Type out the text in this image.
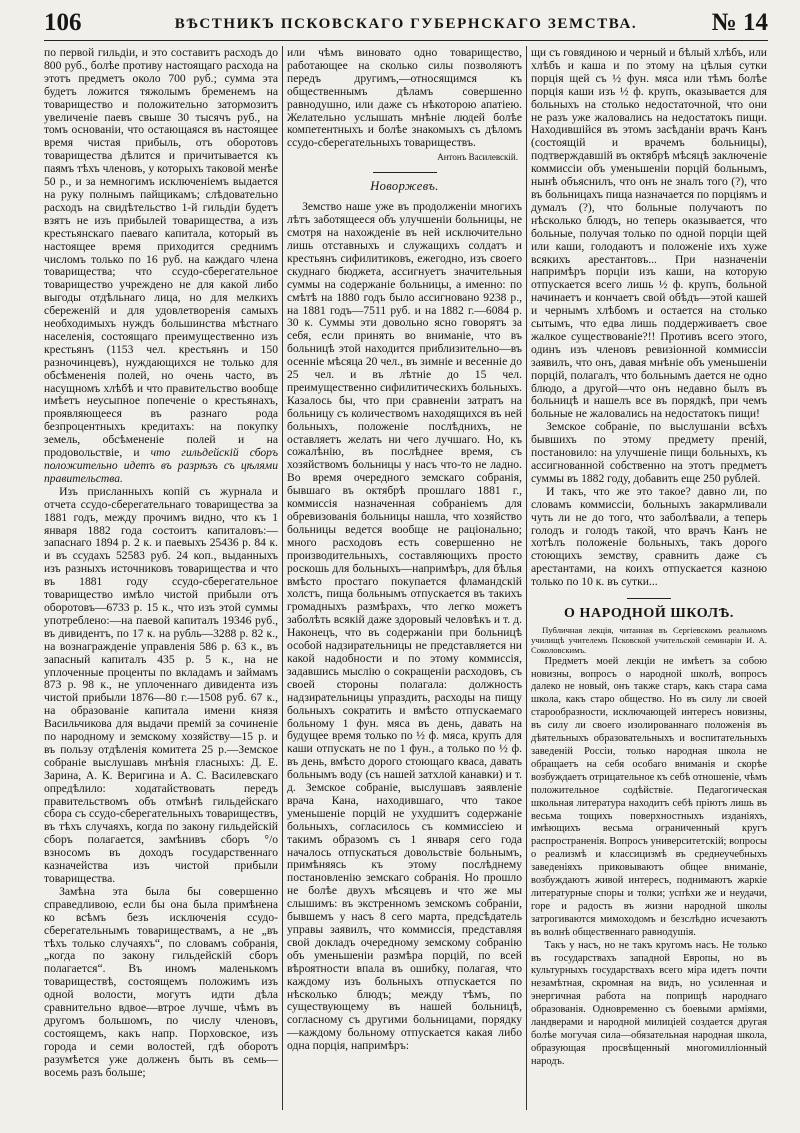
106	ВѢСТНИКЪ ПСКОВСКАГО ГУБЕРНСКАГО ЗЕМСТВА.	№ 14

по первой гильдіи, и это составитъ расходъ до 800 руб., болѣе противу настоящаго расхода на этотъ предметъ около 700 руб.; сумма эта будетъ ложится тяжолымъ бременемъ на товарищество и положительно затормозитъ увеличеніе паевъ свыше 30 тысячъ руб., на томъ основаніи, что остающаяся въ настоящее время чистая прибыль, отъ оборотовъ товарищества дѣлится и причитывается къ паямъ тѣхъ членовъ, у которыхъ таковой менѣе 50 р., и за немногимъ исключеніемъ выдается на руку полнымъ пайщикамъ; слѣдовательно расходъ на свидѣтельство 1-й гильдіи будетъ взятъ не изъ прибылей товарищества, а изъ крестьянскаго паеваго капитала, который въ настоящее время приходится среднимъ числомъ только по 16 руб. на каждаго члена товарищества; что ссудо-сберегательное товарищество учреждено не для какой либо выгоды отдѣльнаго лица, но для мелкихъ сбереженій и для удовлетворенія самыхъ необходимыхъ нуждъ большинства мѣстнаго населенія, состоящаго преимущественно изъ крестьянъ (1153 чел. крестьянъ и 150 разночинцевъ), нуждающихся не только для обсѣмененія полей, но очень часто, въ насущномъ хлѣбѣ и что правительство вообще имѣетъ неусыпное попеченіе о крестьянахъ, проявляющееся въ разнаго рода безпроцентныхъ кредитахъ: на покупку земель, обсѣмененіе полей и на продовольствіе, и что гильдейскій сборъ положительно идетъ въ разрѣзъ съ цѣлями правительства.

Изъ присланныхъ копій съ журнала и отчета ссудо-сберегательнаго товарищества за 1881 годъ, между прочимъ видно, что къ 1 января 1882 года состоитъ капиталовъ:—запаснаго 1894 р. 2 к. и паевыхъ 25436 р. 84 к. и въ ссудахъ 52583 руб. 24 коп., выданныхъ изъ разныхъ источниковъ товарищества и что въ 1881 году ссудо-сберегательное товарищество имѣло чистой прибыли отъ оборотовъ—6733 р. 15 к., что изъ этой суммы употреблено:—на паевой капиталъ 19346 руб., въ дивидентъ, по 17 к. на рубль—3288 р. 82 к., на вознагражденіе управленія 586 р. 63 к., въ запасный капиталъ 435 р. 5 к., на не уплоченные проценты по вкладамъ и займамъ 873 р. 98 к., не уплоченнаго дивидента изъ чистой прибыли 1876—80 г.—1508 руб. 67 к., на образованіе капитала имени князя Васильчикова для выдачи премій за сочиненіе по народному и земскому хозяйству—15 р. и въ пользу отдѣленія комитета 25 р.—Земское собраніе выслушавъ мнѣнія гласныхъ: Д. Е. Зарина, А. К. Веригина и А. С. Василевскаго опредѣлило: ходатайствовать передъ правительствомъ объ отмѣнѣ гильдейскаго сбора съ ссудо-сберегательныхъ товариществъ, въ тѣхъ случаяхъ, когда по закону гильдейскій сборъ полагается, замѣнивъ сборъ °/о взносомъ въ доходъ государственнаго казначейства изъ чистой прибыли товарищества.

Замѣна эта была бы совершенно справедливою, если бы она была примѣнена ко всѣмъ безъ исключенія ссудо-сберегательнымъ товариществамъ, а не „въ тѣхъ только случаяхъ“, по словамъ собранія, „когда по закону гильдейскій сборъ полагается“. Въ иномъ маленькомъ товариществѣ, состоящемъ положимъ изъ одной волости, могутъ идти дѣла сравнительно вдвое—втрое лучше, чѣмъ въ другомъ большомъ, по числу членовъ, состоящемъ, какъ напр. Порховское, изъ города и семи волостей, гдѣ оборотъ разумѣется уже долженъ быть въ семь—восемь разъ больше;

или чѣмъ виновато одно товарищество, работающее на сколько силы позволяютъ передъ другимъ,—относящимся къ общественнымъ дѣламъ совершенно равнодушно, или даже съ нѣкоторою апатіею. Желательно услышать мнѣніе людей болѣе компетентныхъ и болѣе знакомыхъ съ дѣломъ ссудо-сберегательныхъ товариществъ.

Антонъ Василевскій.
Новоржевъ.

Земство наше уже въ продолженіи многихъ лѣтъ заботящееся объ улучшеніи больницы, не смотря на нахожденіе въ ней исключительно лишь отставныхъ и служащихъ солдатъ и крестьянъ сифилитиковъ, ежегодно, изъ своего скуднаго бюджета, ассигнуетъ значительныя суммы на содержаніе больницы, а именно: по смѣтѣ на 1880 годъ было ассигновано 9238 р., на 1881 годъ—7511 руб. и на 1882 г.—6084 р. 30 к. Суммы эти довольно ясно говорятъ за себя, если принять во вниманіе, что въ больницѣ этой находится приблизительно—въ осенніе мѣсяца 20 чел., въ зимніе и весенніе до 25 чел. и въ лѣтніе до 15 чел. преимущественно сифилитическихъ больныхъ. Казалось бы, что при сравненіи затратъ на больницу съ количествомъ находящихся въ ней больныхъ, положеніе послѣднихъ, не оставляетъ желать ни чего лучшаго. Но, къ сожалѣнію, въ послѣднее время, съ хозяйствомъ больницы у насъ что-то не ладно. Во время очередного земскаго собранія, бывшаго въ октябрѣ прошлаго 1881 г., коммиссія назначенная собраніемъ для обревизованія больницы нашла, что хозяйство больницы ведется вообще не раціонально; много расходовъ есть совершенно не производительныхъ, составляющихъ просто роскошь для больныхъ—напримѣръ, для бѣлья вмѣсто простаго покупается фламандскій холстъ, пища больнымъ отпускается въ такихъ громадныхъ размѣрахъ, что легко можетъ заболѣть всякій даже здоровый человѣкъ и т. д. Наконецъ, что въ содержаніи при больницѣ особой надзирательницы не представляется ни какой надобности и по этому коммиссія, задавшись мыслію о сокращеніи расходовъ, съ своей стороны полагала: должность надзирательницы упраздить, расходы на пищу больныхъ сократить и вмѣсто отпускаемаго больному 1 фун. мяса въ день, давать на будущее время только по ½ ф. мяса, крупъ для каши отпускать не по 1 фун., а только по ½ ф. въ день, вмѣсто дорого стоющаго кваса, давать больнымъ воду (съ нашей затхлой канавки) и т. д. Земское собраніе, выслушавъ заявленіе врача Кана, находившаго, что такое уменьшеніе порцій не ухудшитъ содержаніе больныхъ, согласилось съ коммиссіею и такимъ образомъ съ 1 января сего года началось отпускаться довольствіе больнымъ, примѣняясь къ этому послѣднему постановленію земскаго собранія. Но прошло не болѣе двухъ мѣсяцевъ и что же мы слышимъ: въ экстренномъ земскомъ собраніи, бывшемъ у насъ 8 сего марта, предсѣдатель управы заявилъ, что коммиссія, представляя свой докладъ очередному земскому собранію объ уменьшеніи размѣра порцій, по всей вѣроятности впала въ ошибку, полагая, что каждому изъ больныхъ отпускается по нѣсколько блюдъ; между тѣмъ, по существующему въ нашей больницѣ, согласному съ другими больницами, порядку—каждому больному отпускается какая либо одна порція, напримѣръ:

щи съ говядиною и черный и бѣлый хлѣбъ, или хлѣбъ и каша и по этому на цѣлыя сутки порція щей съ ½ фун. мяса или тѣмъ болѣе порція каши изъ ½ ф. крупъ, оказывается для больныхъ на столько недостаточной, что они не разъ уже жаловались на недостатокъ пищи. Находившійся въ этомъ засѣданіи врачъ Канъ (состоящій и врачемъ больницы), подтверждавшій въ октябрѣ мѣсяцѣ заключеніе коммиссіи объ уменьшеніи порцій больнымъ, нынѣ объяснилъ, что онъ не зналъ того (?), что въ больницахъ пища назначается по порціямъ и думалъ (?), что больные получаютъ по нѣсколько блюдъ, но теперь оказывается, что больные, получая только по одной порціи щей или каши, голодаютъ и положеніе ихъ хуже всякихъ арестантовъ... При назначеніи напримѣръ порціи изъ каши, на которую отпускается всего лишь ½ ф. крупъ, больной начинаетъ и кончаетъ свой обѣдъ—этой кашей и чернымъ хлѣбомъ и остается на столько сытымъ, что едва лишь поддерживаетъ свое жалкое существованіе?!! Противъ всего этого, одинъ изъ членовъ ревизіонной коммиссіи заявилъ, что онъ, давая мнѣніе объ уменьшеніи порцій, полагалъ, что больнымъ дается не одно блюдо, а другой—что онъ недавно былъ въ больницѣ и нашелъ все въ порядкѣ, при чемъ больные не жаловались на недостатокъ пищи!

Земское собраніе, по выслушаніи всѣхъ бывшихъ по этому предмету преній, постановило: на улучшеніе пищи больныхъ, къ ассигнованной собственно на этотъ предметъ суммы въ 1882 году, добавить еще 250 рублей.

И такъ, что же это такое? давно ли, по словамъ коммиссіи, больныхъ закармливали чуть ли не до того, что заболѣвали, а теперь голодъ и голодъ такой, что врачъ Канъ не хотѣлъ положеніе больныхъ, такъ дорого стоющихъ земству, сравнить даже съ арестантами, на коихъ отпускается казною только по 10 к. въ сутки...

О НАРОДНОЙ ШКОЛѢ.

Публичная лекція, читанная въ Сергіевскомъ реальномъ училищѣ учителемъ Псковской учительской семинаріи И. А. Соколовскимъ.

Предметъ моей лекціи не имѣетъ за собою новизны, вопросъ о народной школѣ, вопросъ далеко не новый, онъ также старъ, какъ стара сама школа, какъ старо общество. Но въ силу ли своей старообразности, исключающей интересъ новизны, въ силу ли своего изолированнаго положенія въ дѣятельныхъ образовательныхъ и воспитательныхъ заведеній Россіи, только народная школа не обращаетъ на себя особаго вниманія и скорѣе возбуждаетъ отрицательное къ себѣ отношеніе, чѣмъ положительное содѣйствіе. Педагогическая школьная литература находитъ себѣ пріютъ лишь въ весьма тощихъ поверхностныхъ изданіяхъ, имѣющихъ весьма ограниченный кругъ распространенія. Вопросъ университетскій; вопросы о реализмѣ и классицизмѣ въ среднеучебныхъ заведеніяхъ приковываютъ общее вниманіе, возбуждаютъ живой интересъ, поднимаютъ жаркіе литературные споры и толки; успѣхи же и неудачи, горе и радость въ жизни народной школы затрогиваются мимоходомъ и безслѣдно исчезаютъ въ волнѣ общественнаго равнодушія.

Такъ у насъ, но не такъ кругомъ насъ. Не только въ государствахъ западной Европы, но въ культурныхъ государствахъ всего міра идетъ почти незамѣтная, скромная на видъ, но усиленная и энергичная работа на поприщѣ народнаго образованія. Одновременно съ боевыми арміями, ландверами и народной милиціей создается другая болѣе могучая сила—обязательная народная школа, образующая просвѣщенный многомилліонный народъ.
